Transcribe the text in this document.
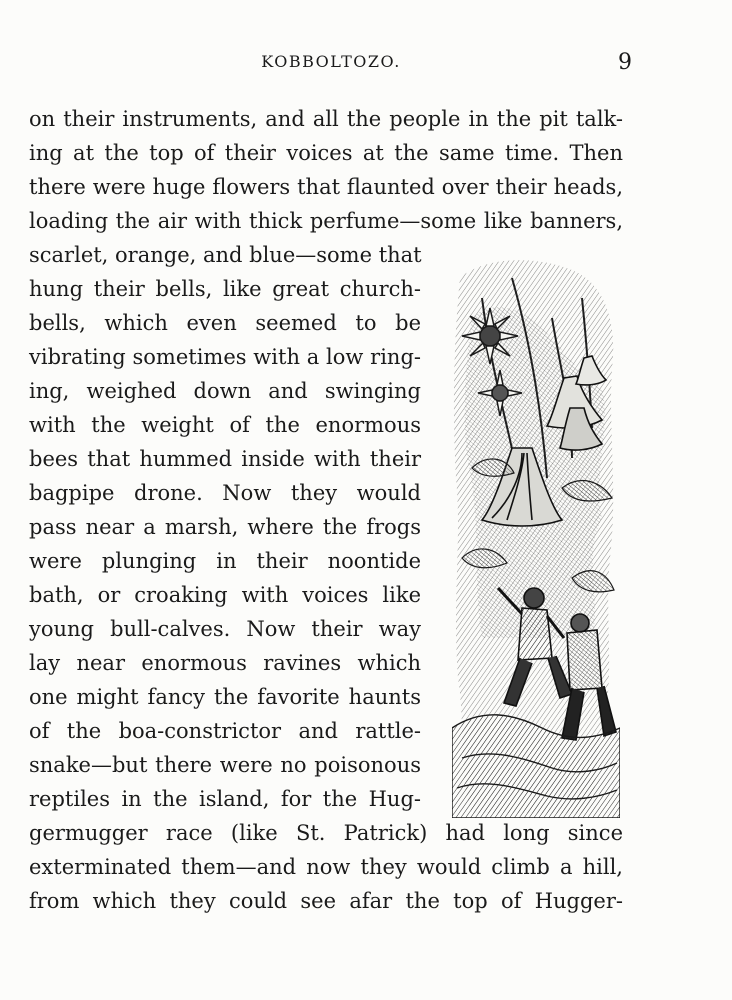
KOBBOLTOZO.	9
on their instruments, and all the people in the pit talk-
ing at the top of their voices at the same time. Then
there were huge flowers that flaunted over their heads,
loading the air with thick perfume—some like banners,
scarlet, orange, and blue—some that
hung their bells, like great church-
bells, which even seemed to be
vibrating sometimes with a low ring-
ing, weighed down and swinging
with the weight of the enormous
bees that hummed inside with their
bagpipe drone. Now they would
pass near a marsh, where the frogs
were plunging in their noontide
bath, or croaking with voices like
young bull-calves. Now their way
lay near enormous ravines which
one might fancy the favorite haunts
of the boa-constrictor and rattle-
snake—but there were no poisonous
reptiles in the island, for the Hug-
germugger race (like St. Patrick) had long since
exterminated them—and now they would climb a hill,
from which they could see afar the top of Hugger-
